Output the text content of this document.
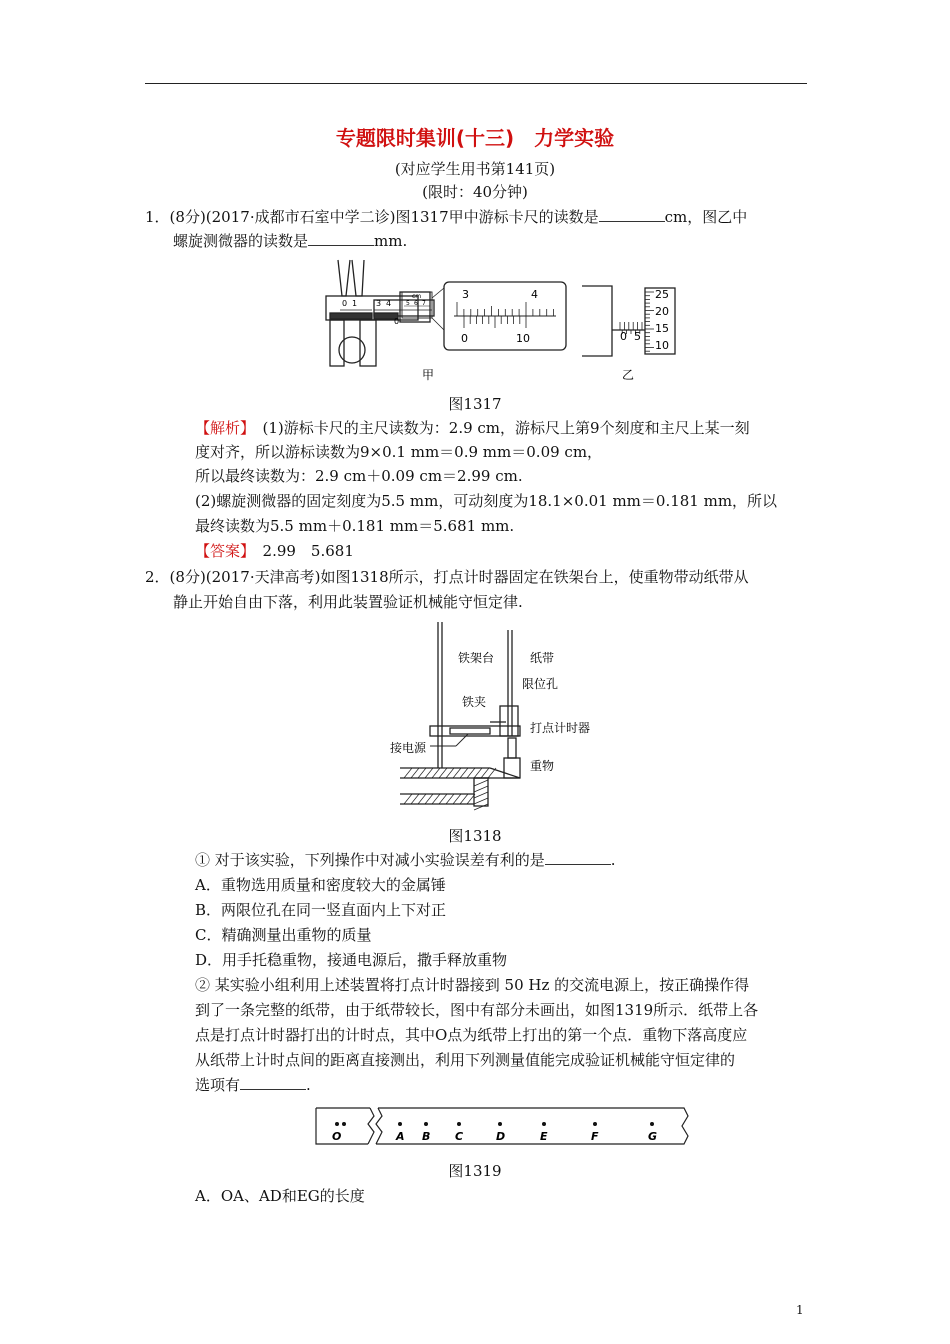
专题限时集训(十三)　力学实验
(对应学生用书第141页)
(限时：40分钟)
1．(8分)(2017·成都市石室中学二诊)图1317甲中游标卡尺的读数是	cm，图乙中
螺旋测微器的读数是	mm.
0 1 3 4
cm
5 6 7
0
3	4
0	10	0 5
25
20
15
10
甲	乙
图1317
【解析】　 (1)游标卡尺的主尺读数为：2.9 cm，游标尺上第9个刻度和主尺上某一刻
度对齐，所以游标读数为9×0.1 mm＝0.9 mm＝0.09 cm，
所以最终读数为：2.9 cm＋0.09 cm＝2.99 cm.
(2)螺旋测微器的固定刻度为5.5 mm，可动刻度为18.1×0.01 mm＝0.181 mm，所以
最终读数为5.5 mm＋0.181 mm＝5.681 mm.
【答案】　 2.99　5.681
2．(8分)(2017·天津高考)如图1318所示，打点计时器固定在铁架台上，使重物带动纸带从
静止开始自由下落，利用此装置验证机械能守恒定律.
铁架台	纸带
限位孔
铁夹
打点计时器
接电源
重物
图1318
① 对于该实验，下列操作中对减小实验误差有利的是	.
A．重物选用质量和密度较大的金属锤
B．两限位孔在同一竖直面内上下对正
C．精确测量出重物的质量
D．用手托稳重物，接通电源后，撒手释放重物
② 某实验小组利用上述装置将打点计时器接到 50 Hz 的交流电源上，按正确操作得
到了一条完整的纸带，由于纸带较长，图中有部分未画出，如图1319所示．纸带上各
点是打点计时器打出的计时点，其中O点为纸带上打出的第一个点．重物下落高度应
从纸带上计时点间的距离直接测出，利用下列测量值能完成验证机械能守恒定律的
选项有	.
O	A B C	D	E	F	G
图1319
A．OA、AD和EG的长度
1
